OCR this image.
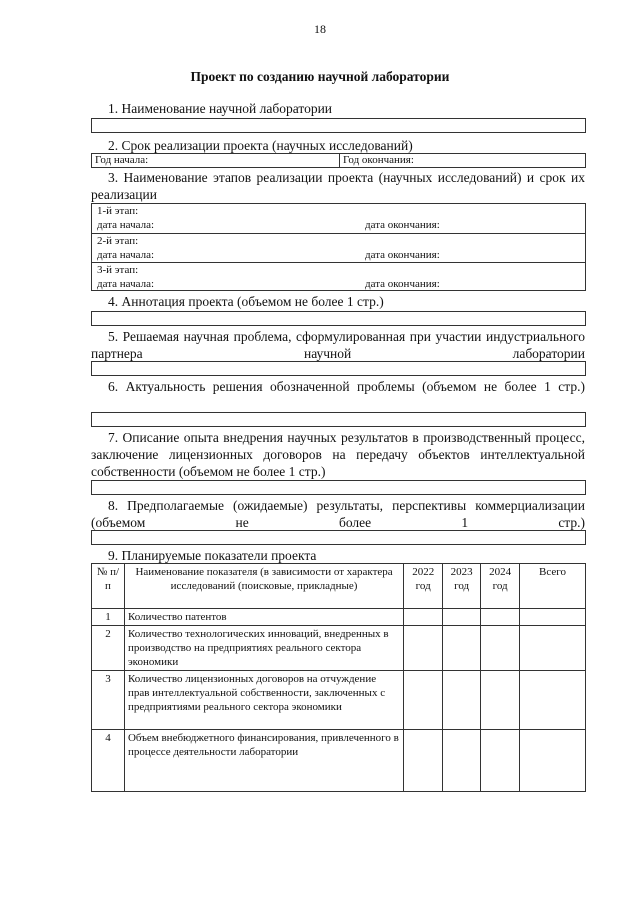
18
Проект по созданию научной лаборатории
1. Наименование научной лаборатории
2. Срок реализации проекта (научных исследований)
Год начала:	Год окончания:
3. Наименование этапов реализации проекта (научных исследований) и срок их реализации
1-й этап:
дата начала:	дата окончания:
2-й этап:
дата начала:	дата окончания:
3-й этап:
дата начала:	дата окончания:
4. Аннотация проекта (объемом не более 1 стр.)
5. Решаемая научная проблема, сформулированная при участии индустриального партнера научной лаборатории
6. Актуальность решения обозначенной проблемы (объемом не более 1 стр.)
7. Описание опыта внедрения научных результатов в производственный процесс, заключение лицензионных договоров на передачу объектов интеллектуальной собственности (объемом не более 1 стр.)
8. Предполагаемые (ожидаемые) результаты, перспективы коммерциализации (объемом не более 1 стр.)
9. Планируемые показатели проекта
№ п/п	Наименование показателя (в зависимости от характера исследований (поисковые, прикладные)	2022 год	2023 год	2024 год	Всего
1	Количество патентов				
2	Количество технологических инноваций, внедренных в производство на предприятиях реального сектора экономики				
3	Количество лицензионных договоров на отчуждение прав интеллектуальной собственности, заключенных с предприятиями реального сектора экономики				
4	Объем внебюджетного финансирования, привлеченного в процессе деятельности лаборатории				
